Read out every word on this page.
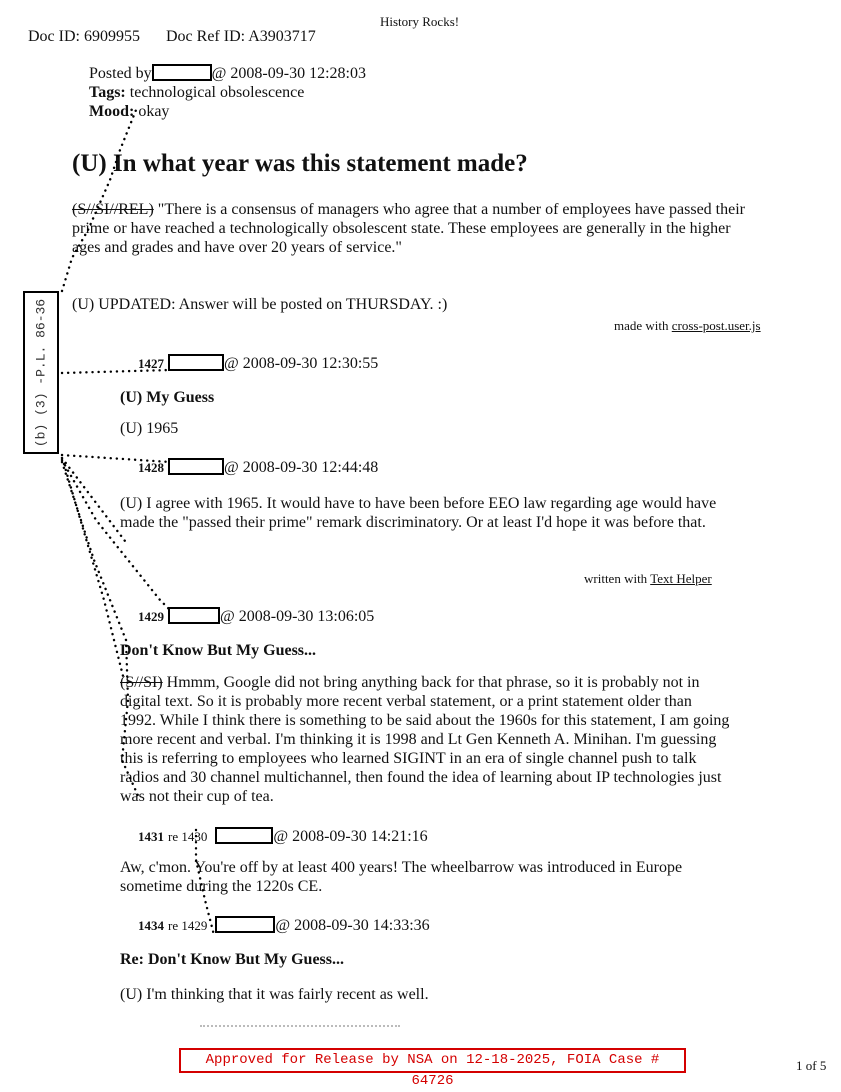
Doc ID: 6909955 Doc Ref ID: A3903717
History Rocks!
Posted by	@ 2008-09-30 12:28:03
Tags: technological obsolescence
Mood: okay
(U) In what year was this statement made?
(S//SI//REL) "There is a consensus of managers who agree that a number of employees have passed their prime or have reached a technologically obsolescent state. These employees are generally in the higher ages and grades and have over 20 years of service."
(U) UPDATED: Answer will be posted on THURSDAY. :)
made with cross-post.user.js
(b) (3) -P.L. 86-36	1427	@ 2008-09-30 12:30:55
(U) My Guess
(U) 1965
1428	@ 2008-09-30 12:44:48
(U) I agree with 1965. It would have to have been before EEO law regarding age would have made the "passed their prime" remark discriminatory. Or at least I'd hope it was before that.
written with Text Helper
1429	@ 2008-09-30 13:06:05
Don't Know But My Guess...
(S//SI) Hmmm, Google did not bring anything back for that phrase, so it is probably not in digital text. So it is probably more recent verbal statement, or a print statement older than 1992. While I think there is something to be said about the 1960s for this statement, I am going more recent and verbal. I'm thinking it is 1998 and Lt Gen Kenneth A. Minihan. I'm guessing this is referring to employees who learned SIGINT in an era of single channel push to talk radios and 30 channel multichannel, then found the idea of learning about IP technologies just was not their cup of tea.
1431 re 1430	@ 2008-09-30 14:21:16
Aw, c'mon. You're off by at least 400 years! The wheelbarrow was introduced in Europe sometime during the 1220s CE.
1434 re 1429	@ 2008-09-30 14:33:36
Re: Don't Know But My Guess...
(U) I'm thinking that it was fairly recent as well.
Approved for Release by NSA on 12-18-2025, FOIA Case # 64726
1 of 5
